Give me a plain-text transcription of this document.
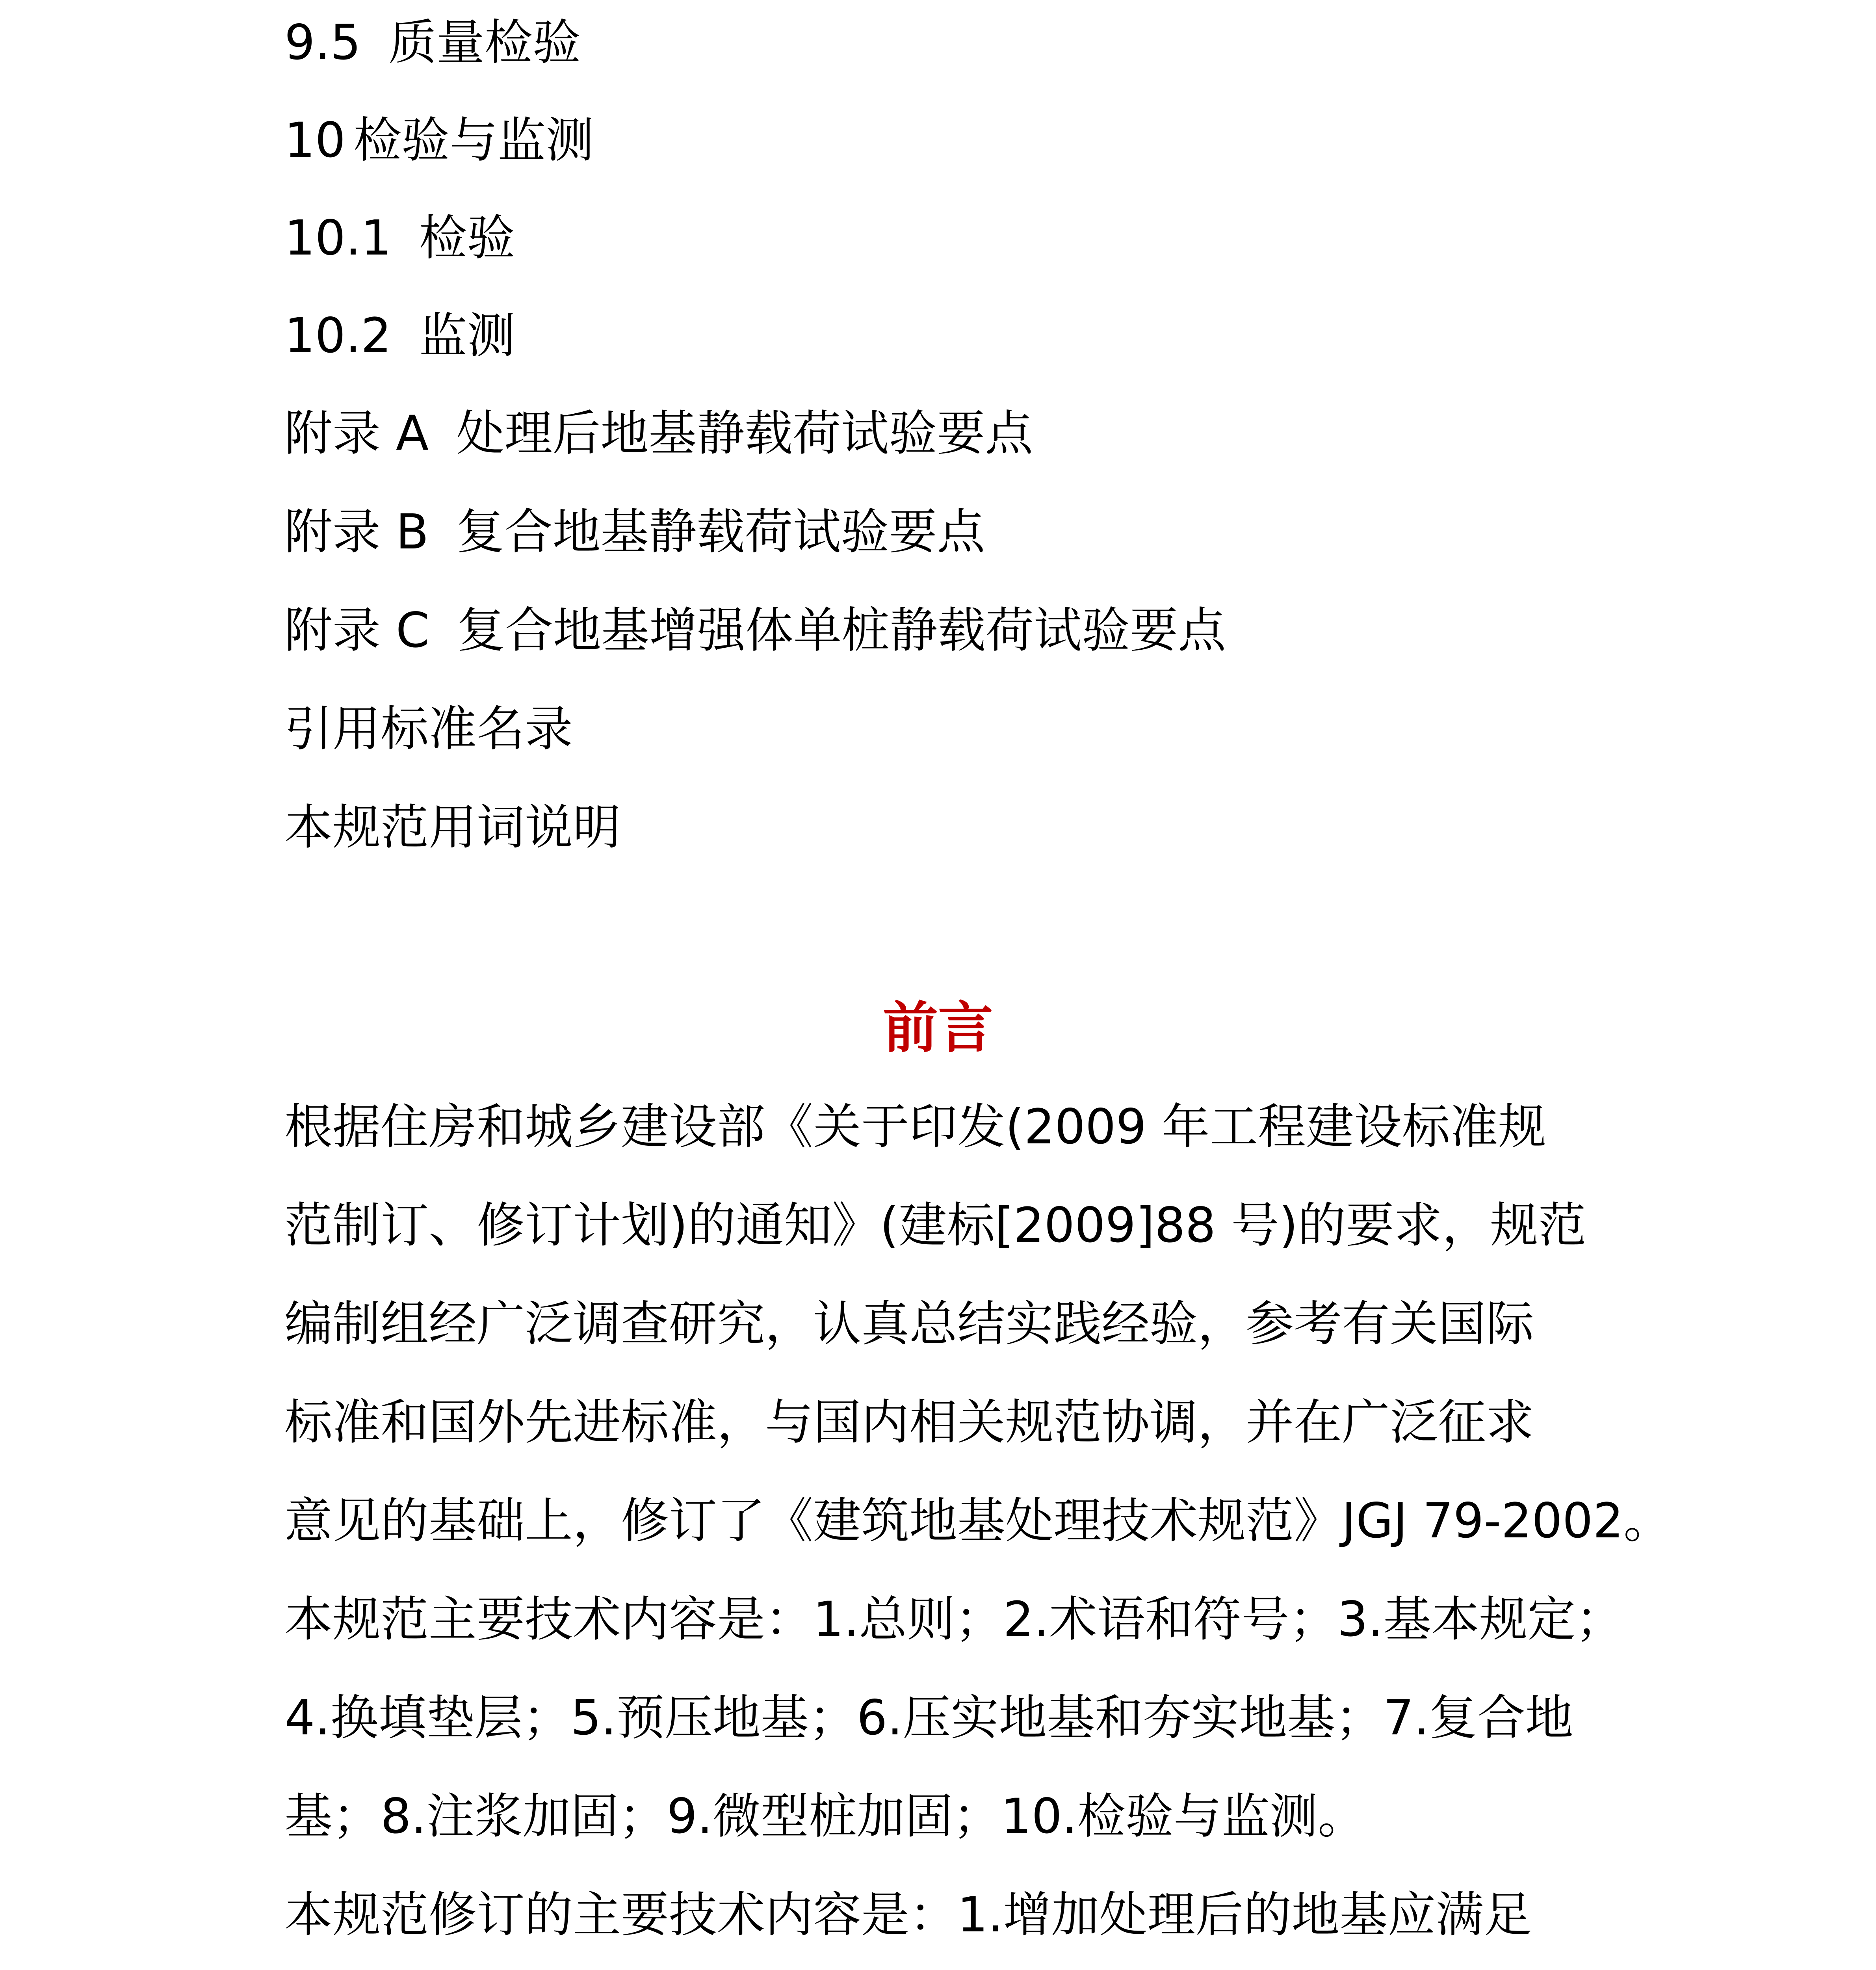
9.5 质量检验
10 检验与监测
10.1 检验
10.2 监测
附录 A 处理后地基静载荷试验要点
附录 B 复合地基静载荷试验要点
附录 C 复合地基增强体单桩静载荷试验要点
引用标准名录
本规范用词说明
前言
根据住房和城乡建设部《关于印发(2009 年工程建设标准规
范制订、修订计划)的通知》(建标[2009]88 号)的要求，规范
编制组经广泛调查研究，认真总结实践经验，参考有关国际
标准和国外先进标准，与国内相关规范协调，并在广泛征求
意见的基础上，修订了《建筑地基处理技术规范》JGJ 79-2002。
本规范主要技术内容是：1.总则；2.术语和符号；3.基本规定；
4.换填垫层；5.预压地基；6.压实地基和夯实地基；7.复合地
基；8.注浆加固；9.微型桩加固；10.检验与监测。
本规范修订的主要技术内容是：1.增加处理后的地基应满足
